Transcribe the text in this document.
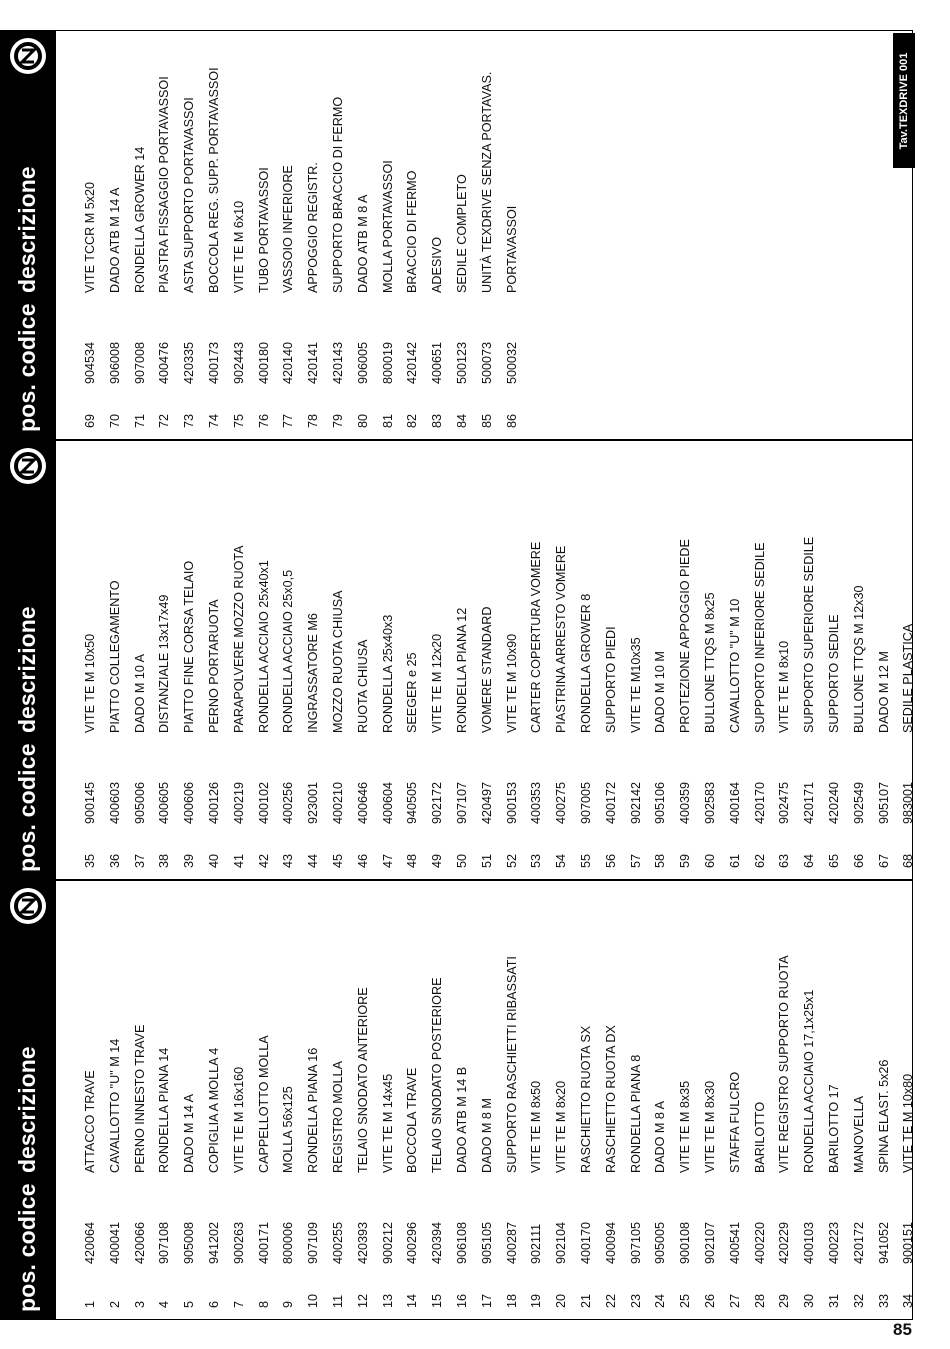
pos. codice
descrizione
1
420064
ATTACCO TRAVE
2
400041
CAVALLOTTO "U" M 14
3
420066
PERNO INNESTO TRAVE
4
907108
RONDELLA PIANA 14
5
905008
DADO M 14 A
6
941202
COPIGLIA A MOLLA 4
7
900263
VITE TE M 16x160
8
400171
CAPPELLOTTO MOLLA
9
800006
MOLLA 56x125
10
907109
RONDELLA PIANA 16
11
400255
REGISTRO MOLLA
12
420393
TELAIO SNODATO ANTERIORE
13
900212
VITE TE M 14x45
14
400296
BOCCOLA TRAVE
15
420394
TELAIO SNODATO POSTERIORE
16
906108
DADO ATB M 14 B
17
905105
DADO M 8 M
18
400287
SUPPORTO RASCHIETTI RIBASSATI
19
902111
VITE TE M 8x50
20
902104
VITE TE M 8x20
21
400170
RASCHIETTO RUOTA SX
22
400094
RASCHIETTO RUOTA DX
23
907105
RONDELLA PIANA 8
24
905005
DADO M 8 A
25
900108
VITE TE M 8x35
26
902107
VITE TE M 8x30
27
400541
STAFFA FULCRO
28
400220
BARILOTTO
29
420229
VITE REGISTRO SUPPORTO RUOTA
30
400103
RONDELLA ACCIAIO 17,1x25x1
31
400223
BARILOTTO 17
32
420172
MANOVELLA
33
941052
SPINA ELAST. 5x26
34
900151
VITE TE M 10x80
pos. codice
descrizione
35
900145
VITE TE M 10x50
36
400603
PIATTO COLLEGAMENTO
37
905006
DADO M 10 A
38
400605
DISTANZIALE 13x17x49
39
400606
PIATTO FINE CORSA TELAIO
40
400126
PERNO PORTARUOTA
41
400219
PARAPOLVERE MOZZO RUOTA
42
400102
RONDELLA ACCIAIO 25x40x1
43
400256
RONDELLA ACCIAIO 25x0,5
44
923001
INGRASSATORE M6
45
400210
MOZZO RUOTA CHIUSA
46
400646
RUOTA CHIUSA
47
400604
RONDELLA 25x40x3
48
940505
SEEGER e 25
49
902172
VITE TE M 12x20
50
907107
RONDELLA PIANA 12
51
420497
VOMERE STANDARD
52
900153
VITE TE M 10x90
53
400353
CARTER COPERTURA VOMERE
54
400275
PIASTRINA ARRESTO VOMERE
55
907005
RONDELLA GROWER 8
56
400172
SUPPORTO PIEDI
57
902142
VITE TE M10x35
58
905106
DADO M 10 M
59
400359
PROTEZIONE APPOGGIO PIEDE
60
902583
BULLONE TTQS M 8x25
61
400164
CAVALLOTTO "U" M 10
62
420170
SUPPORTO INFERIORE SEDILE
63
902475
VITE TE M 8x10
64
420171
SUPPORTO SUPERIORE SEDILE
65
420240
SUPPORTO SEDILE
66
902549
BULLONE TTQS M 12x30
67
905107
DADO M 12 M
68
983001
SEDILE PLASTICA
pos. codice
descrizione
69
904534
VITE TCCR M 5x20
70
906008
DADO ATB M 14 A
71
907008
RONDELLA GROWER 14
72
400476
PIASTRA FISSAGGIO PORTAVASSOI
73
420335
ASTA SUPPORTO PORTAVASSOI
74
400173
BOCCOLA REG. SUPP. PORTAVASSOI
75
902443
VITE TE M 6x10
76
400180
TUBO PORTAVASSOI
77
420140
VASSOIO INFERIORE
78
420141
APPOGGIO REGISTR.
79
420143
SUPPORTO BRACCIO DI FERMO
80
906005
DADO ATB M 8 A
81
800019
MOLLA PORTAVASSOI
82
420142
BRACCIO DI FERMO
83
400651
ADESIVO
84
500123
SEDILE COMPLETO
85
500073
UNITÀ TEXDRIVE SENZA PORTAVAS.
86
500032
PORTAVASSOI
85
Tav.TEXDRIVE 001
